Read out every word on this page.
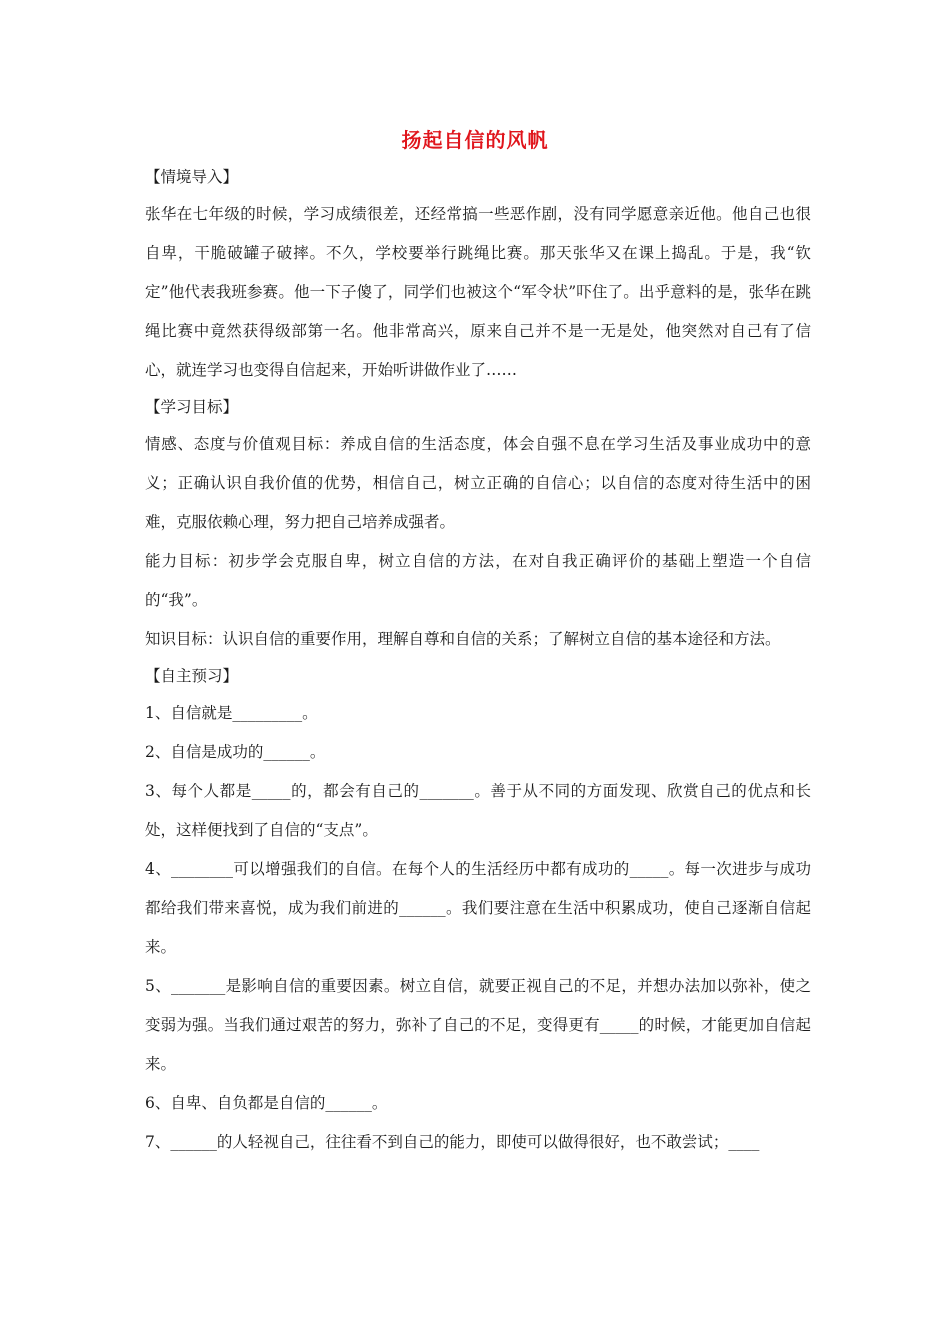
扬起自信的风帆

【情境导入】

张华在七年级的时候，学习成绩很差，还经常搞一些恶作剧，没有同学愿意亲近他。他自己也很自卑，干脆破罐子破摔。不久，学校要举行跳绳比赛。那天张华又在课上捣乱。于是，我“钦定”他代表我班参赛。他一下子傻了，同学们也被这个“军令状”吓住了。出乎意料的是，张华在跳绳比赛中竟然获得级部第一名。他非常高兴，原来自己并不是一无是处，他突然对自己有了信心，就连学习也变得自信起来，开始听讲做作业了……

【学习目标】

情感、态度与价值观目标：养成自信的生活态度，体会自强不息在学习生活及事业成功中的意义；正确认识自我价值的优势，相信自己，树立正确的自信心；以自信的态度对待生活中的困难，克服依赖心理，努力把自己培养成强者。

能力目标：初步学会克服自卑，树立自信的方法，在对自我正确评价的基础上塑造一个自信的“我”。

知识目标：认识自信的重要作用，理解自尊和自信的关系；了解树立自信的基本途径和方法。

【自主预习】

1、自信就是_________。

2、自信是成功的______。

3、每个人都是_____的，都会有自己的_______。善于从不同的方面发现、欣赏自己的优点和长处，这样便找到了自信的“支点”。

4、________可以增强我们的自信。在每个人的生活经历中都有成功的_____。每一次进步与成功都给我们带来喜悦，成为我们前进的______。我们要注意在生活中积累成功，使自己逐渐自信起来。

5、_______是影响自信的重要因素。树立自信，就要正视自己的不足，并想办法加以弥补，使之变弱为强。当我们通过艰苦的努力，弥补了自己的不足，变得更有_____的时候，才能更加自信起来。

6、自卑、自负都是自信的______。

7、______的人轻视自己，往往看不到自己的能力，即使可以做得很好，也不敢尝试；____
